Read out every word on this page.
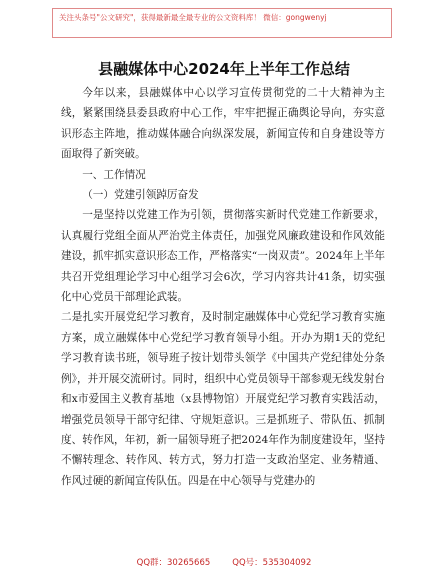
关注头条号"公文研究"，获得最新最全最专业的公文资料库！ 微信：gongwenyj
县融媒体中心2024年上半年工作总结

今年以来，县融媒体中心以学习宣传贯彻党的二十大精神为主线，紧紧围绕县委县政府中心工作，牢牢把握正确舆论导向，夯实意识形态主阵地，推动媒体融合向纵深发展，新闻宣传和自身建设等方面取得了新突破。

一、工作情况

（一）党建引领踔厉奋发

一是坚持以党建工作为引领，贯彻落实新时代党建工作新要求，认真履行党组全面从严治党主体责任，加强党风廉政建设和作风效能建设，抓牢抓实意识形态工作，严格落实“一岗双责”。2024年上半年共召开党组理论学习中心组学习会6次，学习内容共计41条，切实强化中心党员干部理论武装。

二是扎实开展党纪学习教育，及时制定融媒体中心党纪学习教育实施方案，成立融媒体中心党纪学习教育领导小组。开办为期1天的党纪学习教育读书班，领导班子按计划带头领学《中国共产党纪律处分条例》，并开展交流研讨。同时，组织中心党员领导干部参观无线发射台和x市爱国主义教育基地（x县博物馆）开展党纪学习教育实践活动，增强党员领导干部守纪律、守规矩意识。三是抓班子、带队伍、抓制度、转作风，年初，新一届领导班子把2024年作为制度建设年，坚持不懈转理念、转作风、转方式，努力打造一支政治坚定、业务精通、作风过硬的新闻宣传队伍。四是在中心领导与党建办的

QQ群：30265665	QQ号：535304092
